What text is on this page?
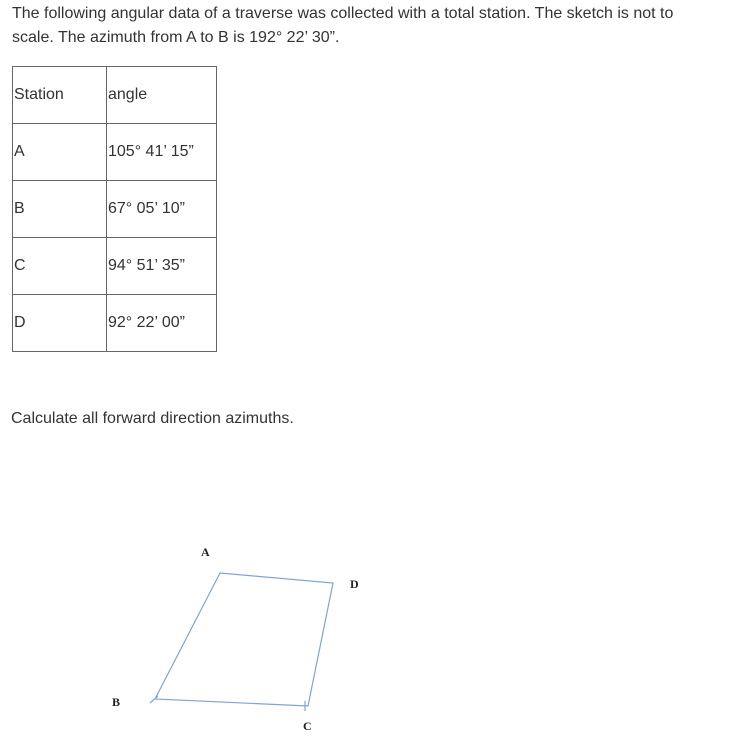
The following angular data of a traverse was collected with a total station. The sketch is not to
scale. The azimuth from A to B is 192° 22’ 30”.

Station	angle
A	105° 41’ 15”
B	67° 05’ 10”
C	94° 51’ 35”
D	92° 22’ 00”

Calculate all forward direction azimuths.

A
D
B
C
